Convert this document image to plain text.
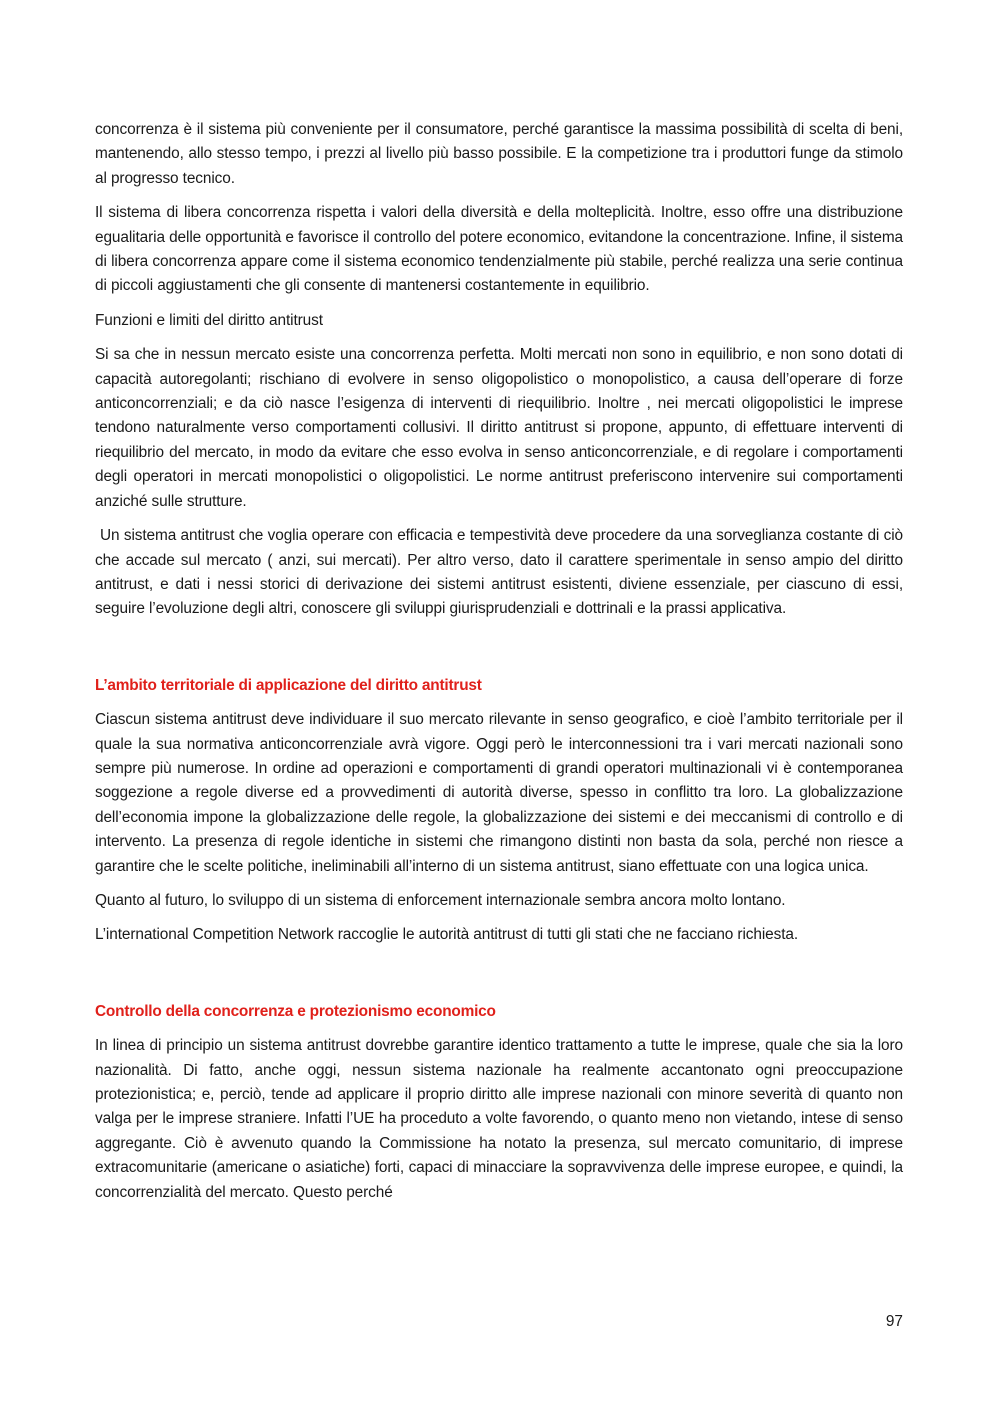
concorrenza è il sistema più conveniente per il consumatore, perché garantisce la massima possibilità di scelta di beni, mantenendo, allo stesso tempo, i prezzi al livello più basso possibile. E la competizione tra i produttori funge da stimolo al progresso tecnico.

Il sistema di libera concorrenza rispetta i valori della diversità e della molteplicità. Inoltre, esso offre una distribuzione egualitaria delle opportunità e favorisce il controllo del potere economico, evitandone la concentrazione. Infine, il sistema di libera concorrenza appare come il sistema economico tendenzialmente più stabile, perché realizza una serie continua di piccoli aggiustamenti che gli consente di mantenersi costantemente in equilibrio.

Funzioni e limiti del diritto antitrust

Si sa che in nessun mercato esiste una concorrenza perfetta. Molti mercati non sono in equilibrio, e non sono dotati di capacità autoregolanti; rischiano di evolvere in senso oligopolistico o monopolistico, a causa dell’operare di forze anticoncorrenziali; e da ciò nasce l’esigenza di interventi di riequilibrio. Inoltre , nei mercati oligopolistici le imprese tendono naturalmente verso comportamenti collusivi. Il diritto antitrust si propone, appunto, di effettuare interventi di riequilibrio del mercato, in modo da evitare che esso evolva in senso anticoncorrenziale, e di regolare i comportamenti degli operatori in mercati monopolistici o oligopolistici. Le norme antitrust preferiscono intervenire sui comportamenti anziché sulle strutture.

Un sistema antitrust che voglia operare con efficacia e tempestività deve procedere da una sorveglianza costante di ciò che accade sul mercato ( anzi, sui mercati). Per altro verso, dato il carattere sperimentale in senso ampio del diritto antitrust, e dati i nessi storici di derivazione dei sistemi antitrust esistenti, diviene essenziale, per ciascuno di essi, seguire l’evoluzione degli altri, conoscere gli sviluppi giurisprudenziali e dottrinali e la prassi applicativa.

L’ambito territoriale di applicazione del diritto antitrust

Ciascun sistema antitrust deve individuare il suo mercato rilevante in senso geografico, e cioè l’ambito territoriale per il quale la sua normativa anticoncorrenziale avrà vigore. Oggi però le interconnessioni tra i vari mercati nazionali sono sempre più numerose. In ordine ad operazioni e comportamenti di grandi operatori multinazionali vi è contemporanea soggezione a regole diverse ed a provvedimenti di autorità diverse, spesso in conflitto tra loro. La globalizzazione dell’economia impone la globalizzazione delle regole, la globalizzazione dei sistemi e dei meccanismi di controllo e di intervento. La presenza di regole identiche in sistemi che rimangono distinti non basta da sola, perché non riesce a garantire che le scelte politiche, ineliminabili all’interno di un sistema antitrust, siano effettuate con una logica unica.

Quanto al futuro, lo sviluppo di un sistema di enforcement internazionale sembra ancora molto lontano.

L’international Competition Network raccoglie le autorità antitrust di tutti gli stati che ne facciano richiesta.

Controllo della concorrenza e protezionismo economico

In linea di principio un sistema antitrust dovrebbe garantire identico trattamento a tutte le imprese, quale che sia la loro nazionalità. Di fatto, anche oggi, nessun sistema nazionale ha realmente accantonato ogni preoccupazione protezionistica; e, perciò, tende ad applicare il proprio diritto alle imprese nazionali con minore severità di quanto non valga per le imprese straniere. Infatti l’UE ha proceduto a volte favorendo, o quanto meno non vietando, intese di senso aggregante. Ciò è avvenuto quando la Commissione ha notato la presenza, sul mercato comunitario, di imprese extracomunitarie (americane o asiatiche) forti, capaci di minacciare la sopravvivenza delle imprese europee, e quindi, la concorrenzialità del mercato. Questo perché

97
